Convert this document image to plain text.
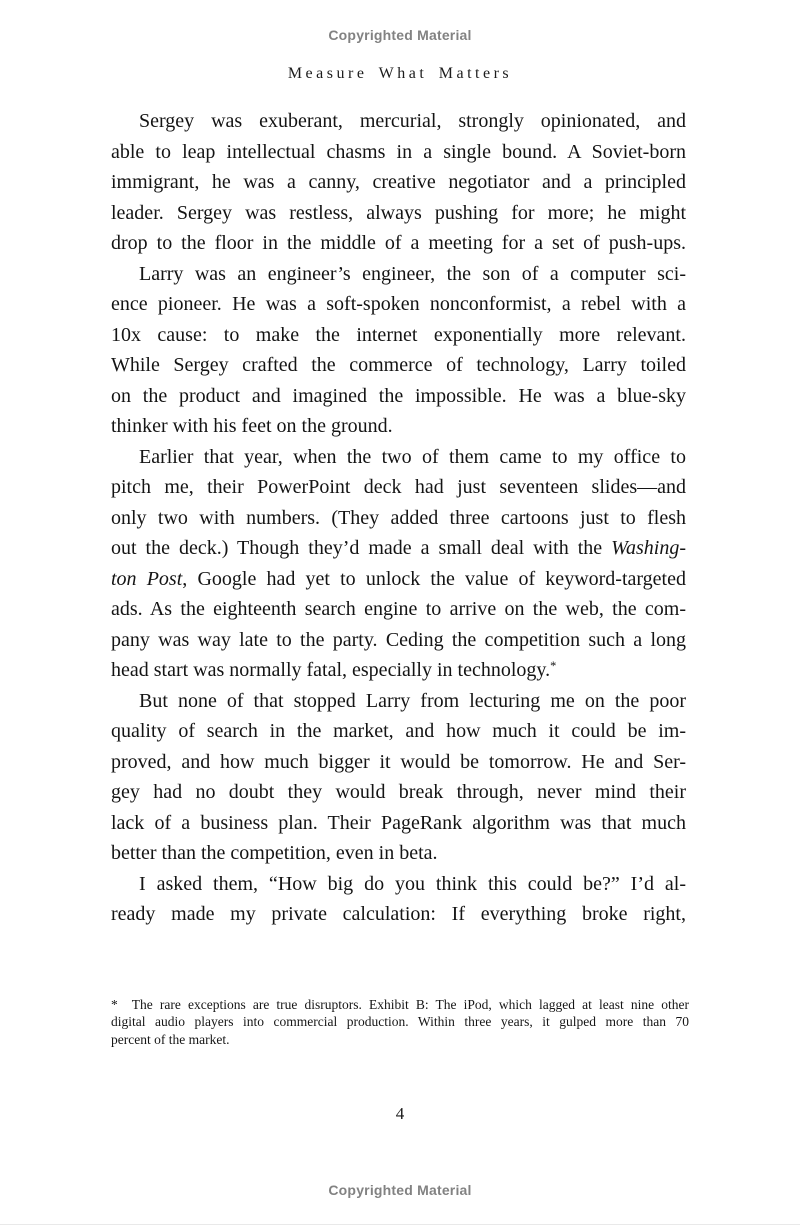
Copyrighted Material
Measure What Matters
Sergey was exuberant, mercurial, strongly opinionated, and
able to leap intellectual chasms in a single bound. A Soviet-born
immigrant, he was a canny, creative negotiator and a principled
leader. Sergey was restless, always pushing for more; he might
drop to the floor in the middle of a meeting for a set of push-ups.
Larry was an engineer’s engineer, the son of a computer sci-
ence pioneer. He was a soft-spoken nonconformist, a rebel with a
10x cause: to make the internet exponentially more relevant.
While Sergey crafted the commerce of technology, Larry toiled
on the product and imagined the impossible. He was a blue-sky
thinker with his feet on the ground.
Earlier that year, when the two of them came to my office to
pitch me, their PowerPoint deck had just seventeen slides—and
only two with numbers. (They added three cartoons just to flesh
out the deck.) Though they’d made a small deal with the Washing-
ton Post, Google had yet to unlock the value of keyword-targeted
ads. As the eighteenth search engine to arrive on the web, the com-
pany was way late to the party. Ceding the competition such a long
head start was normally fatal, especially in technology.*
But none of that stopped Larry from lecturing me on the poor
quality of search in the market, and how much it could be im-
proved, and how much bigger it would be tomorrow. He and Ser-
gey had no doubt they would break through, never mind their
lack of a business plan. Their PageRank algorithm was that much
better than the competition, even in beta.
I asked them, “How big do you think this could be?” I’d al-
ready made my private calculation: If everything broke right,
*  The rare exceptions are true disruptors. Exhibit B: The iPod, which lagged at least nine other
digital audio players into commercial production. Within three years, it gulped more than 70
percent of the market.
4
Copyrighted Material
